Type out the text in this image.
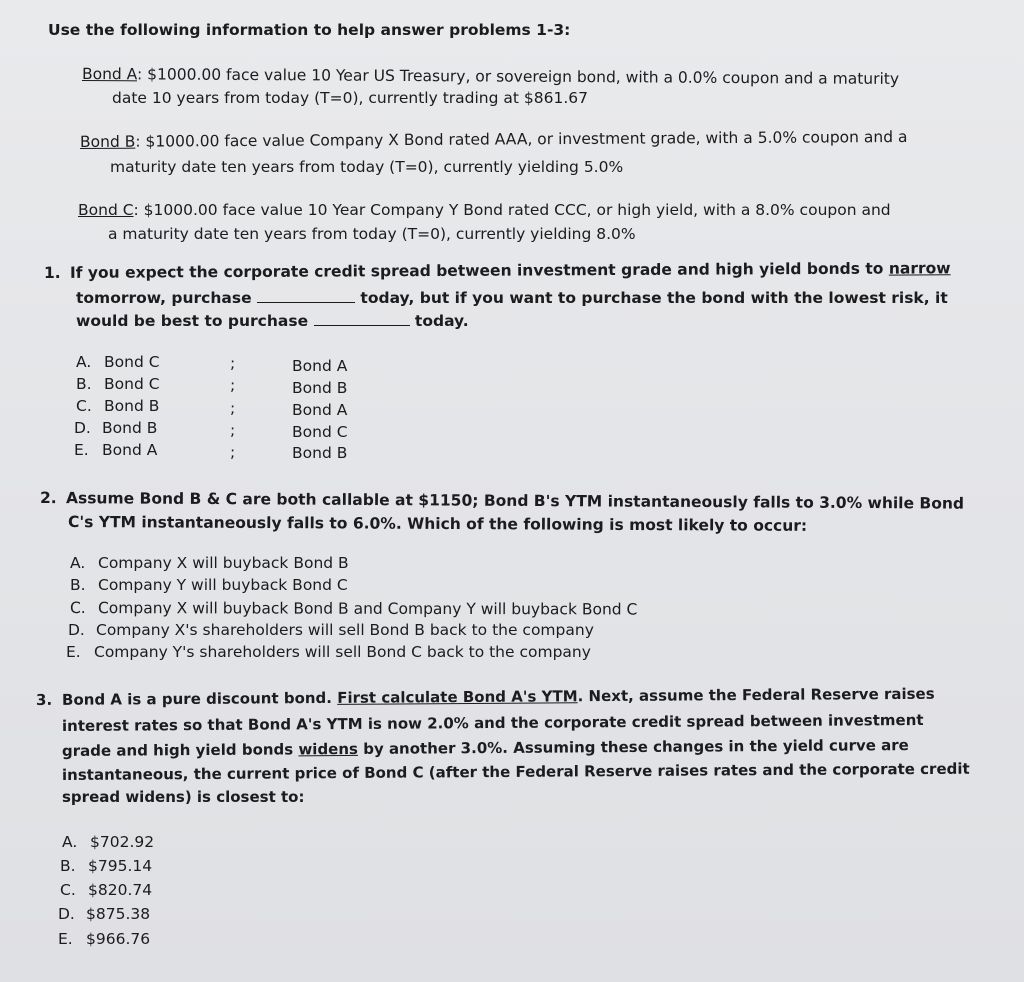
Use the following information to help answer problems 1-3:
Bond A: $1000.00 face value 10 Year US Treasury, or sovereign bond, with a 0.0% coupon and a maturity
date 10 years from today (T=0), currently trading at $861.67
Bond B: $1000.00 face value Company X Bond rated AAA, or investment grade, with a 5.0% coupon and a
maturity date ten years from today (T=0), currently yielding 5.0%
Bond C: $1000.00 face value 10 Year Company Y Bond rated CCC, or high yield, with a 8.0% coupon and
a maturity date ten years from today (T=0), currently yielding 8.0%
1. If you expect the corporate credit spread between investment grade and high yield bonds to narrow
tomorrow, purchase	today, but if you want to purchase the bond with the lowest risk, it
would be best to purchase	today.
A. Bond C	;	Bond A
B. Bond C	;	Bond B
C. Bond B	;	Bond A
D. Bond B	;	Bond C
E. Bond A	;	Bond B
2. Assume Bond B & C are both callable at $1150; Bond B's YTM instantaneously falls to 3.0% while Bond
C's YTM instantaneously falls to 6.0%. Which of the following is most likely to occur:
A. Company X will buyback Bond B
B. Company Y will buyback Bond C
C. Company X will buyback Bond B and Company Y will buyback Bond C
D. Company X's shareholders will sell Bond B back to the company
E. Company Y's shareholders will sell Bond C back to the company
3. Bond A is a pure discount bond. First calculate Bond A's YTM. Next, assume the Federal Reserve raises
interest rates so that Bond A's YTM is now 2.0% and the corporate credit spread between investment
grade and high yield bonds widens by another 3.0%. Assuming these changes in the yield curve are
instantaneous, the current price of Bond C (after the Federal Reserve raises rates and the corporate credit
spread widens) is closest to:
A. $702.92
B. $795.14
C. $820.74
D. $875.38
E. $966.76
